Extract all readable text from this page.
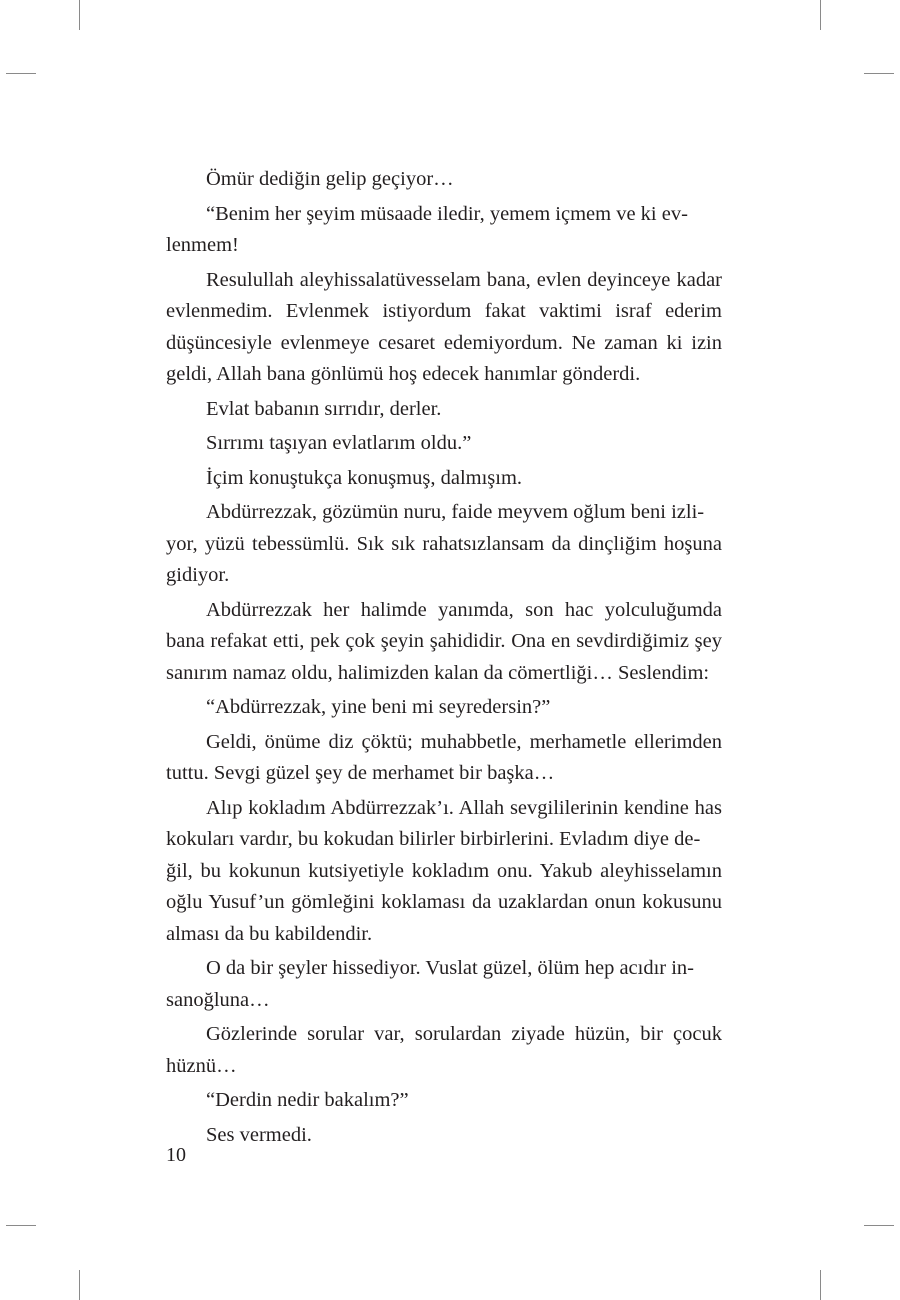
Ömür dediğin gelip geçiyor…

“Benim her şeyim müsaade iledir, yemem içmem ve ki ev-
lenmem!

Resulullah aleyhissalatüvesselam bana, evlen deyinceye kadar evlenmedim. Evlenmek istiyordum fakat vaktimi israf ederim düşüncesiyle evlenmeye cesaret edemiyordum. Ne zaman ki izin geldi, Allah bana gönlümü hoş edecek hanımlar gönderdi.

Evlat babanın sırrıdır, derler.

Sırrımı taşıyan evlatlarım oldu.”

İçim konuştukça konuşmuş, dalmışım.

Abdürrezzak, gözümün nuru, faide meyvem oğlum beni izli-
yor, yüzü tebessümlü. Sık sık rahatsızlansam da dinçliğim hoşuna gidiyor.

Abdürrezzak her halimde yanımda, son hac yolculuğumda bana refakat etti, pek çok şeyin şahididir. Ona en sevdirdiğimiz şey sanırım namaz oldu, halimizden kalan da cömertliği… Seslendim:

“Abdürrezzak, yine beni mi seyredersin?”

Geldi, önüme diz çöktü; muhabbetle, merhametle ellerimden tuttu. Sevgi güzel şey de merhamet bir başka…

Alıp kokladım Abdürrezzak’ı. Allah sevgililerinin kendine has kokuları vardır, bu kokudan bilirler birbirlerini. Evladım diye de-
ğil, bu kokunun kutsiyetiyle kokladım onu. Yakub aleyhisselamın oğlu Yusuf’un gömleğini koklaması da uzaklardan onun kokusunu alması da bu kabildendir.

O da bir şeyler hissediyor. Vuslat güzel, ölüm hep acıdır in-
sanoğluna…

Gözlerinde sorular var, sorulardan ziyade hüzün, bir çocuk hüznü…

“Derdin nedir bakalım?”

Ses vermedi.

10
